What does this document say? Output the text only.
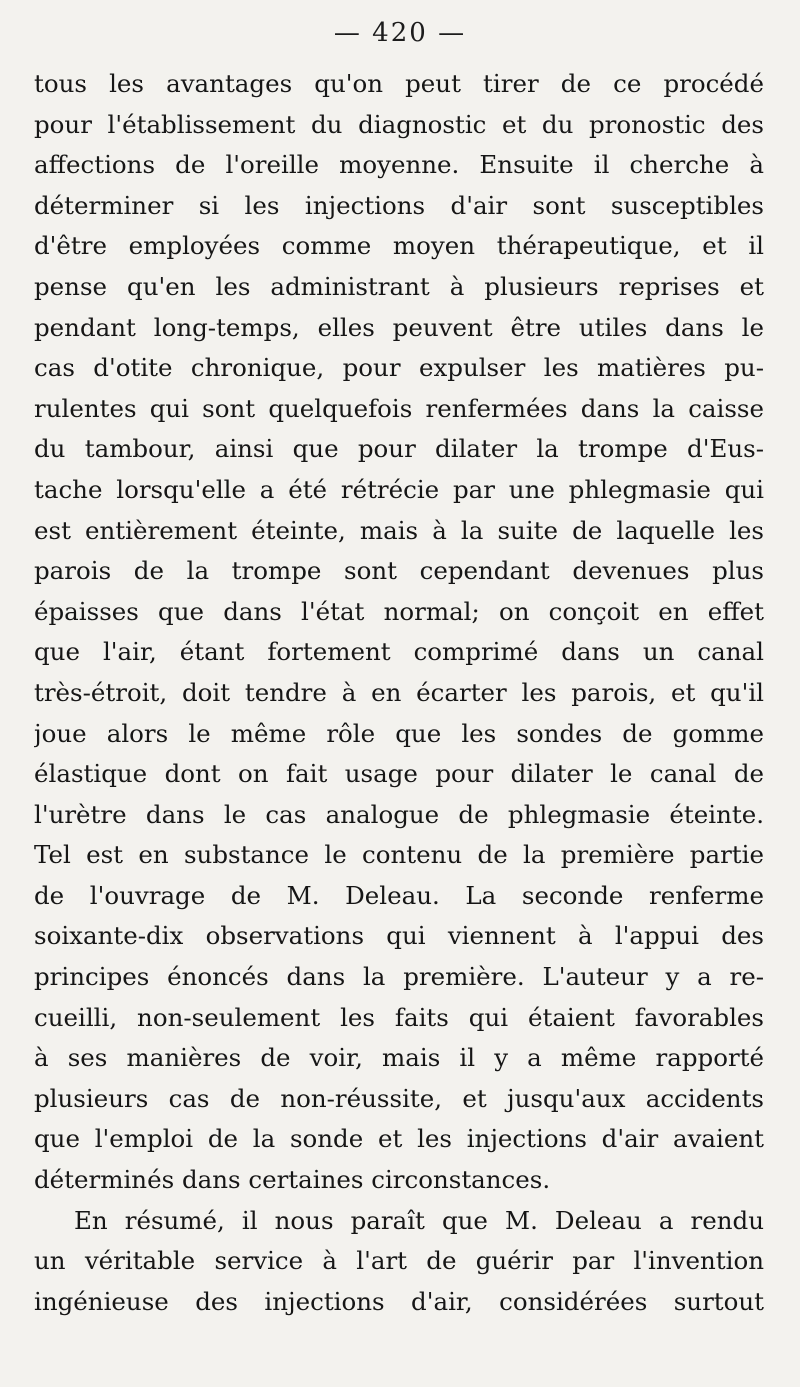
— 420 —
tous les avantages qu'on peut tirer de ce procédé
pour l'établissement du diagnostic et du pronostic des
affections de l'oreille moyenne. Ensuite il cherche à
déterminer si les injections d'air sont susceptibles
d'être employées comme moyen thérapeutique, et il
pense qu'en les administrant à plusieurs reprises et
pendant long-temps, elles peuvent être utiles dans le
cas d'otite chronique, pour expulser les matières pu-
rulentes qui sont quelquefois renfermées dans la caisse
du tambour, ainsi que pour dilater la trompe d'Eus-
tache lorsqu'elle a été rétrécie par une phlegmasie qui
est entièrement éteinte, mais à la suite de laquelle les
parois de la trompe sont cependant devenues plus
épaisses que dans l'état normal; on conçoit en effet
que l'air, étant fortement comprimé dans un canal
très-étroit, doit tendre à en écarter les parois, et qu'il
joue alors le même rôle que les sondes de gomme
élastique dont on fait usage pour dilater le canal de
l'urètre dans le cas analogue de phlegmasie éteinte.
Tel est en substance le contenu de la première partie
de l'ouvrage de M. Deleau. La seconde renferme
soixante-dix observations qui viennent à l'appui des
principes énoncés dans la première. L'auteur y a re-
cueilli, non-seulement les faits qui étaient favorables
à ses manières de voir, mais il y a même rapporté
plusieurs cas de non-réussite, et jusqu'aux accidents
que l'emploi de la sonde et les injections d'air avaient
déterminés dans certaines circonstances.
En résumé, il nous paraît que M. Deleau a rendu
un véritable service à l'art de guérir par l'invention
ingénieuse des injections d'air, considérées surtout
